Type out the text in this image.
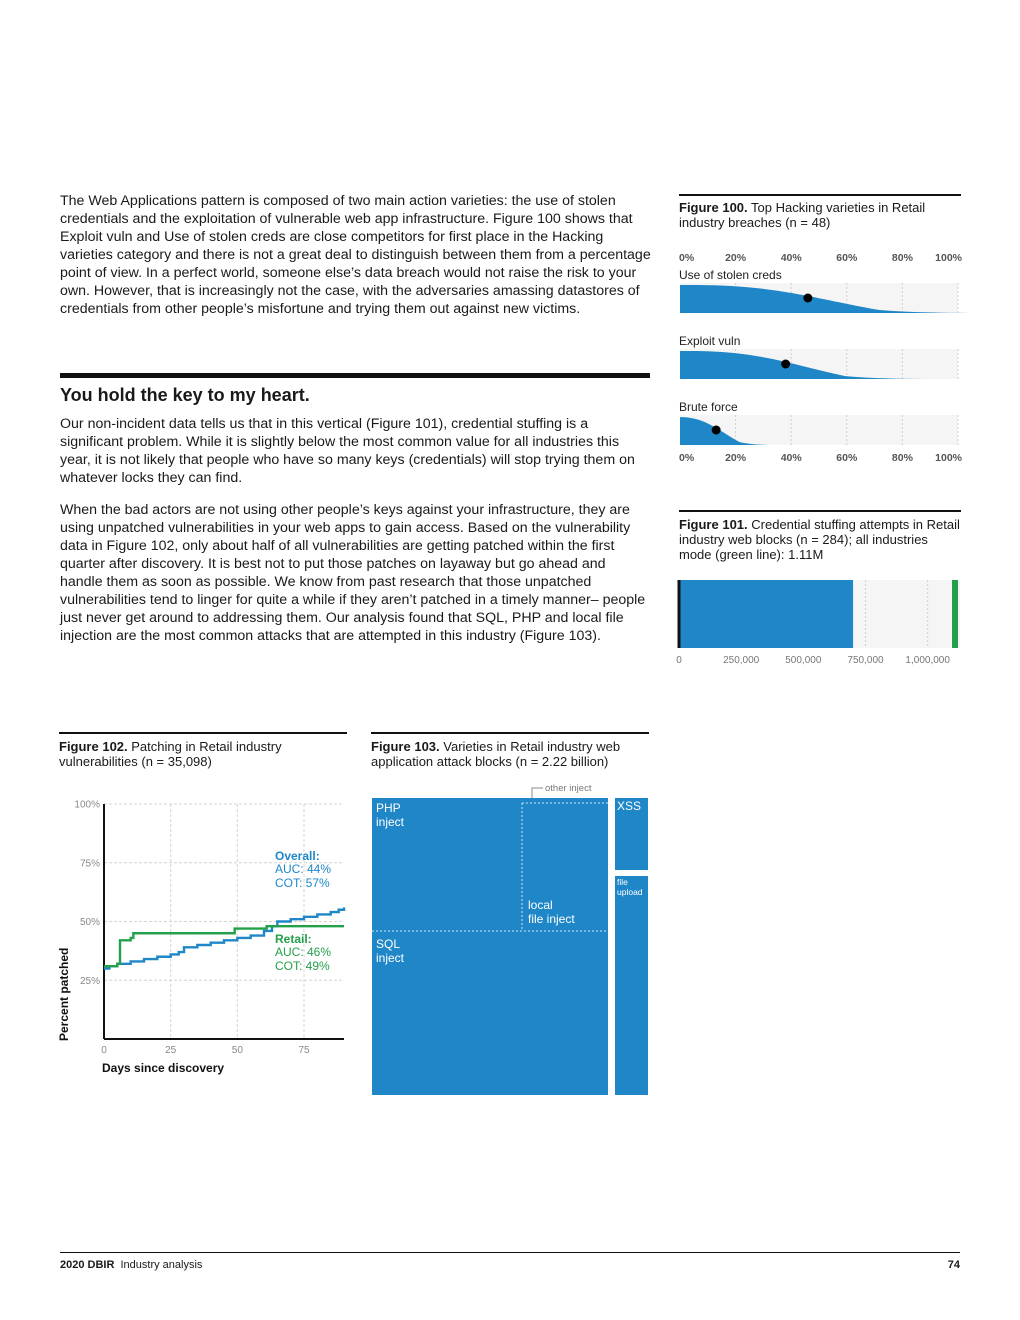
The Web Applications pattern is composed of two main action varieties: the use of stolen credentials and the exploitation of vulnerable web app infrastructure. Figure 100 shows that Exploit vuln and Use of stolen creds are close competitors for first place in the Hacking varieties category and there is not a great deal to distinguish between them from a percentage point of view. In a perfect world, someone else’s data breach would not raise the risk to your own. However, that is increasingly not the case, with the adversaries amassing datastores of credentials from other people’s misfortune and trying them out against new victims.

You hold the key to my heart.

Our non-incident data tells us that in this vertical (Figure 101), credential stuffing is a significant problem. While it is slightly below the most common value for all industries this year, it is not likely that people who have so many keys (credentials) will stop trying them on whatever locks they can find.

When the bad actors are not using other people’s keys against your infrastructure, they are using unpatched vulnerabilities in your web apps to gain access. Based on the vulnerability data in Figure 102, only about half of all vulnerabilities are getting patched within the first quarter after discovery. It is best not to put those patches on layaway but go ahead and handle them as soon as possible. We know from past research that those unpatched vulnerabilities tend to linger for quite a while if they aren’t patched in a timely manner– people just never get around to addressing them. Our analysis found that SQL, PHP and local file injection are the most common attacks that are attempted in this industry (Figure 103).

Figure 100. Top Hacking varieties in Retail industry breaches (n = 48)
0%	20%	40%	60%	80% 100%
Use of stolen creds
Exploit vuln
Brute force
0%	20%	40%	60%	80% 100%
Figure 101. Credential stuffing attempts in Retail industry web blocks (n = 284); all industries mode (green line): 1.11M
0	250,000	500,000	750,000 1,000,000
Figure 102. Patching in Retail industry vulnerabilities (n = 35,098)
25%
50%
75%
100%
0	25	50	75
Days since discovery
Percent patched
Overall:
AUC: 44%
COT: 57%
Retail:
AUC: 46%
COT: 49%
Figure 103. Varieties in Retail industry web application attack blocks (n = 2.22 billion)
PHP
inject
SQL
inject
local
file inject
XSS
file
upload
other inject
2020 DBIR Industry analysis	74
